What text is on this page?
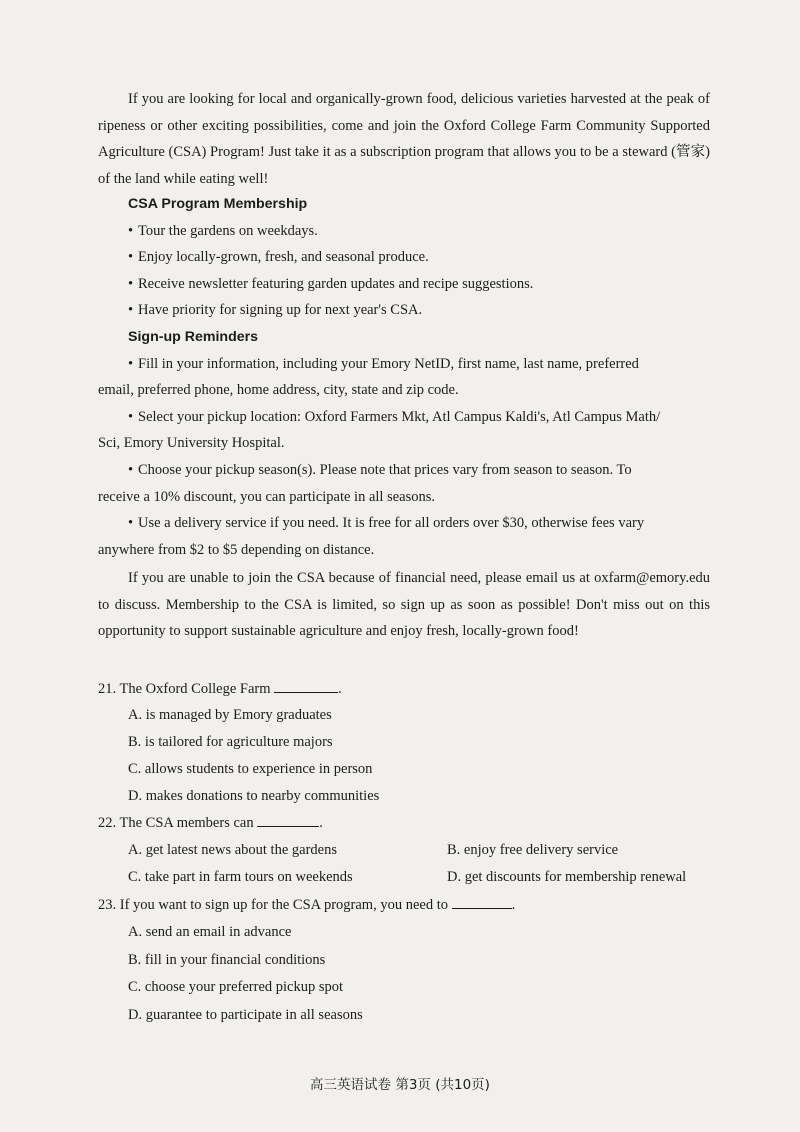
If you are looking for local and organically-grown food, delicious varieties harvested at the peak of ripeness or other exciting possibilities, come and join the Oxford College Farm Community Supported Agriculture (CSA) Program! Just take it as a subscription program that allows you to be a steward (管家) of the land while eating well!

CSA Program Membership
• Tour the gardens on weekdays.
• Enjoy locally-grown, fresh, and seasonal produce.
• Receive newsletter featuring garden updates and recipe suggestions.
• Have priority for signing up for next year's CSA.
Sign-up Reminders
• Fill in your information, including your Emory NetID, first name, last name, preferred
email, preferred phone, home address, city, state and zip code.
• Select your pickup location: Oxford Farmers Mkt, Atl Campus Kaldi's, Atl Campus Math/
Sci, Emory University Hospital.
• Choose your pickup season(s). Please note that prices vary from season to season. To
receive a 10% discount, you can participate in all seasons.
• Use a delivery service if you need. It is free for all orders over $30, otherwise fees vary
anywhere from $2 to $5 depending on distance.

If you are unable to join the CSA because of financial need, please email us at oxfarm@emory.edu to discuss. Membership to the CSA is limited, so sign up as soon as possible! Don't miss out on this opportunity to support sustainable agriculture and enjoy fresh, locally-grown food!

21. The Oxford College Farm	.
A. is managed by Emory graduates
B. is tailored for agriculture majors
C. allows students to experience in person
D. makes donations to nearby communities
22. The CSA members can	.
A. get latest news about the gardens	B. enjoy free delivery service
C. take part in farm tours on weekends	D. get discounts for membership renewal
23. If you want to sign up for the CSA program, you need to	.
A. send an email in advance
B. fill in your financial conditions
C. choose your preferred pickup spot
D. guarantee to participate in all seasons
高三英语试卷 第3页 (共10页)
